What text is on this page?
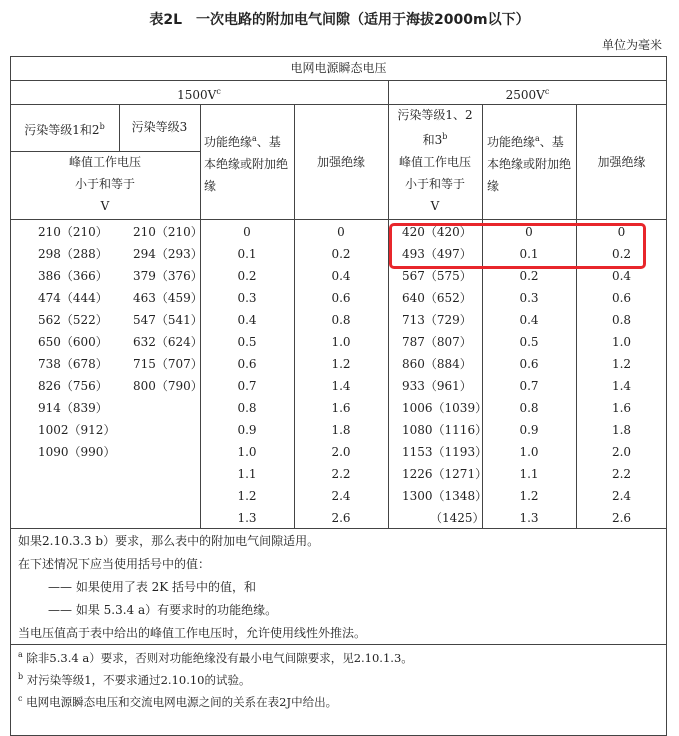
表2L　一次电路的附加电气间隙（适用于海拔2000m以下）
单位为毫米
电网电源瞬态电压
$1500V^c$	$2500V^c$
污染等级1和2$^b$	污染等级3
峰值工作电压
小于和等于
V
功能绝缘$^a$、基本绝缘或附加绝缘
加强绝缘
污染等级1、2
和3$^b$
峰值工作电压
小于和等于
V
功能绝缘$^a$、基本绝缘或附加绝缘
加强绝缘
210（210）
298（288）
386（366）
474（444）
562（522）
650（600）
738（678）
826（756）
914（839）
1002（912）
1090（990）
210（210）
294（293）
379（376）
463（459）
547（541）
632（624）
715（707）
800（790）
0
0.1
0.2
0.3
0.4
0.5
0.6
0.7
0.8
0.9
1.0
1.1
1.2
1.3
0
0.2
0.4
0.6
0.8
1.0
1.2
1.4
1.6
1.8
2.0
2.2
2.4
2.6
420（420）
493（497）
567（575）
640（652）
713（729）
787（807）
860（884）
933（961）
1006（1039）
1080（1116）
1153（1193）
1226（1271）
1300（1348）
（1425）
0
0.1
0.2
0.3
0.4
0.5
0.6
0.7
0.8
0.9
1.0
1.1
1.2
1.3
0
0.2
0.4
0.6
0.8
1.0
1.2
1.4
1.6
1.8
2.0
2.2
2.4
2.6
如果2.10.3.3 b）要求，那么表中的附加电气间隙适用。
在下述情况下应当使用括号中的值：
—— 如果使用了表 2K 括号中的值，和
—— 如果 5.3.4 a）有要求时的功能绝缘。
当电压值高于表中给出的峰值工作电压时，允许使用线性外推法。
$^a$ 除非5.3.4 a）要求，否则对功能绝缘没有最小电气间隙要求，见2.10.1.3。
$^b$ 对污染等级1，不要求通过2.10.10的试验。
$^c$ 电网电源瞬态电压和交流电网电源之间的关系在表2J中给出。
